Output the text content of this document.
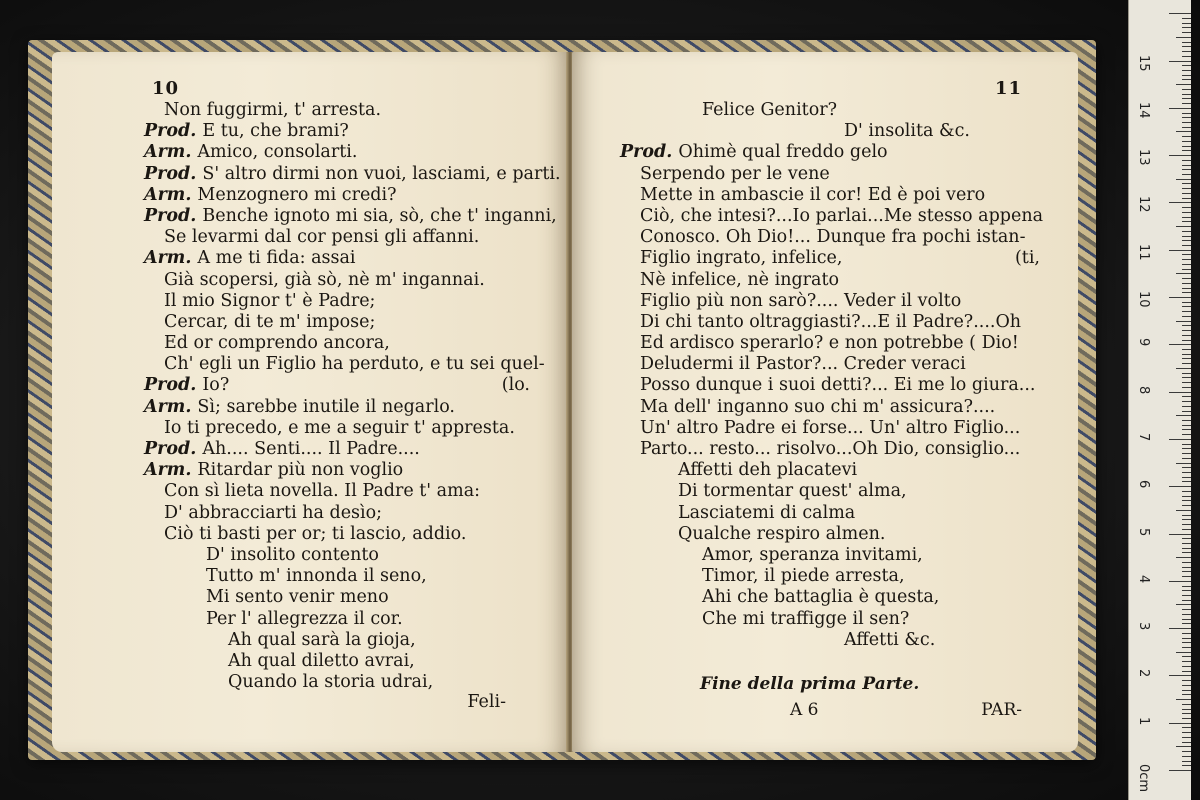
10
Non fuggirmi, t' arresta.
Prod. E tu, che brami?
Arm. Amico, consolarti.
Prod. S' altro dirmi non vuoi, lasciami, e parti.
Arm. Menzognero mi credi?
Prod. Benche ignoto mi sia, sò, che t' inganni,
Se levarmi dal cor pensi gli affanni.
Arm. A me ti fida: assai
Già scopersi, già sò, nè m' ingannai.
Il mio Signor t' è Padre;
Cercar, di te m' impose;
Ed or comprendo ancora,
Ch' egli un Figlio ha perduto, e tu sei quel-
Prod. Io?	(lo.
Arm. Sì; sarebbe inutile il negarlo.
Io ti precedo, e me a seguir t' appresta.
Prod. Ah.... Senti.... Il Padre....
Arm. Ritardar più non voglio
Con sì lieta novella. Il Padre t' ama:
D' abbracciarti ha desìo;
Ciò ti basti per or; ti lascio, addio.
D' insolito contento
Tutto m' innonda il seno,
Mi sento venir meno
Per l' allegrezza il cor.
Ah qual sarà la gioja,
Ah qual diletto avrai,
Quando la storia udrai,
Feli-
11
Felice Genitor?
D' insolita &c.
Prod. Ohimè qual freddo gelo
Serpendo per le vene
Mette in ambascie il cor! Ed è poi vero
Ciò, che intesi?...Io parlai...Me stesso appena
Conosco. Oh Dio!... Dunque fra pochi istan-
Figlio ingrato, infelice,	(ti,
Nè infelice, nè ingrato
Figlio più non sarò?.... Veder il volto
Di chi tanto oltraggiasti?...E il Padre?....Oh
Ed ardisco sperarlo? e non potrebbe ( Dio!
Deludermi il Pastor?... Creder veraci
Posso dunque i suoi detti?... Ei me lo giura...
Ma dell' inganno suo chi m' assicura?....
Un' altro Padre ei forse... Un' altro Figlio...
Parto... resto... risolvo...Oh Dio, consiglio...
Affetti deh placatevi
Di tormentar quest' alma,
Lasciatemi di calma
Qualche respiro almen.
Amor, speranza invitami,
Timor, il piede arresta,
Ahi che battaglia è questa,
Che mi traffigge il sen?
Affetti &c.
Fine della prima Parte.
A 6	PAR-
0cm
1
2
3
4
5
6
7
8
9
10
11
12
13
14
15
